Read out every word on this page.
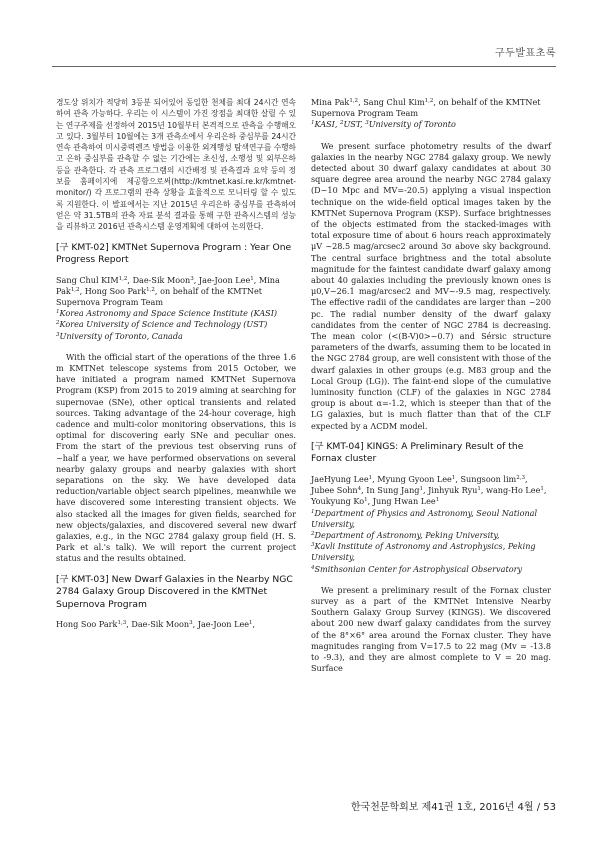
구두발표초록

경도상 위치가 적당히 3등분 되어있어 동일한 천체를 최대 24시간 연속하여 관측 가능하다. 우리는 이 시스템이 가진 장점을 최대한 살릴 수 있는 연구주제를 선정하여 2015년 10월부터 본격적으로 관측을 수행해오고 있다. 3월부터 10월에는 3개 관측소에서 우리은하 중심부를 24시간 연속 관측하여 미시중력렌즈 방법을 이용한 외계행성 탐색연구를 수행하고 은하 중심부를 관측할 수 없는 기간에는 초신성, 소행성 및 외부은하 등을 관측한다. 각 관측 프로그램의 시간배정 및 관측결과 요약 등의 정보를 홈페이지에 제공함으로써(http://kmtnet.kasi.re.kr/kmtnet-monitor/) 각 프로그램의 관측 상황을 효율적으로 모니터링 할 수 있도록 지원한다. 이 발표에서는 지난 2015년 우리은하 중심부를 관측하여 얻은 약 31.5TB의 관측 자료 분석 결과를 통해 구한 관측시스템의 성능을 리뷰하고 2016년 관측시스템 운영계획에 대하여 논의한다.

[구 KMT-02] KMTNet Supernova Program : Year One Progress Report

Sang Chul KIM$^{1,2}$, Dae-Sik Moon$^3$, Jae-Joon Lee$^1$, Mina Pak$^{1,2}$, Hong Soo Park$^{1,2}$, on behalf of the KMTNet Supernova Program Team

$^1$Korea Astronomy and Space Science Institute (KASI)

$^2$Korea University of Science and Technology (UST)

$^3$University of Toronto, Canada

With the official start of the operations of the three 1.6 m KMTNet telescope systems from 2015 October, we have initiated a program named KMTNet Supernova Program (KSP) from 2015 to 2019 aiming at searching for supernovae (SNe), other optical transients and related sources. Taking advantage of the 24-hour coverage, high cadence and multi-color monitoring observations, this is optimal for discovering early SNe and peculiar ones. From the start of the previous test observing runs of ~half a year, we have performed observations on several nearby galaxy groups and nearby galaxies with short separations on the sky. We have developed data reduction/variable object search pipelines, meanwhile we have discovered some interesting transient objects. We also stacked all the images for given fields, searched for new objects/galaxies, and discovered several new dwarf galaxies, e.g., in the NGC 2784 galaxy group field (H. S. Park et al.'s talk). We will report the current project status and the results obtained.

[구 KMT-03] New Dwarf Galaxies in the Nearby NGC 2784 Galaxy Group Discovered in the KMTNet Supernova Program

Hong Soo Park$^{1,3}$, Dae-Sik Moon$^3$, Jae-Joon Lee$^1$,

Mina Pak$^{1,2}$, Sang Chul Kim$^{1,2}$, on behalf of the KMTNet Supernova Program Team

$^1$KASI, $^2$UST, $^3$University of Toronto

We present surface photometry results of the dwarf galaxies in the nearby NGC 2784 galaxy group. We newly detected about 30 dwarf galaxy candidates at about 30 square degree area around the nearby NGC 2784 galaxy (D~10 Mpc and MV=-20.5) applying a visual inspection technique on the wide-field optical images taken by the KMTNet Supernova Program (KSP). Surface brightnesses of the objects estimated from the stacked-images with total exposure time of about 6 hours reach approximately μV ~28.5 mag/arcsec2 around 3σ above sky background. The central surface brightness and the total absolute magnitude for the faintest candidate dwarf galaxy among about 40 galaxies including the previously known ones is μ0,V~26.1 mag/arcsec2 and MV~-9.5 mag, respectively. The effective radii of the candidates are larger than ~200 pc. The radial number density of the dwarf galaxy candidates from the center of NGC 2784 is decreasing. The mean color (<(B-V)0>~0.7) and Sérsic structure parameters of the dwarfs, assuming them to be located in the NGC 2784 group, are well consistent with those of the dwarf galaxies in other groups (e.g. M83 group and the Local Group (LG)). The faint-end slope of the cumulative luminosity function (CLF) of the galaxies in NGC 2784 group is about α=-1.2, which is steeper than that of the LG galaxies, but is much flatter than that of the CLF expected by a ΛCDM model.

[구 KMT-04] KINGS: A Preliminary Result of the Fornax cluster

JaeHyung Lee$^1$, Myung Gyoon Lee$^1$, Sungsoon $\lim^{2,3}$, Jubee Sohn$^4$, In Sung Jang$^1$, Jinhyuk Ryu$^1$, wang-Ho Lee$^1$, Youkyung Ko$^1$, Jung Hwan Lee$^1$

$^1$Department of Physics and Astronomy, Seoul National University,

$^2$Department of Astronomy, Peking University,

$^3$Kavli Institute of Astronomy and Astrophysics, Peking University,

$^4$Smithsonian Center for Astrophysical Observatory

We present a preliminary result of the Fornax cluster survey as a part of the KMTNet Intensive Nearby Southern Galaxy Group Survey (KINGS). We discovered about 200 new dwarf galaxy candidates from the survey of the 8°×6° area around the Fornax cluster. They have magnitudes ranging from V=17.5 to 22 mag (Mv = -13.8 to -9.3), and they are almost complete to V = 20 mag. Surface

한국천문학회보 제41권 1호, 2016년 4월 / 53
